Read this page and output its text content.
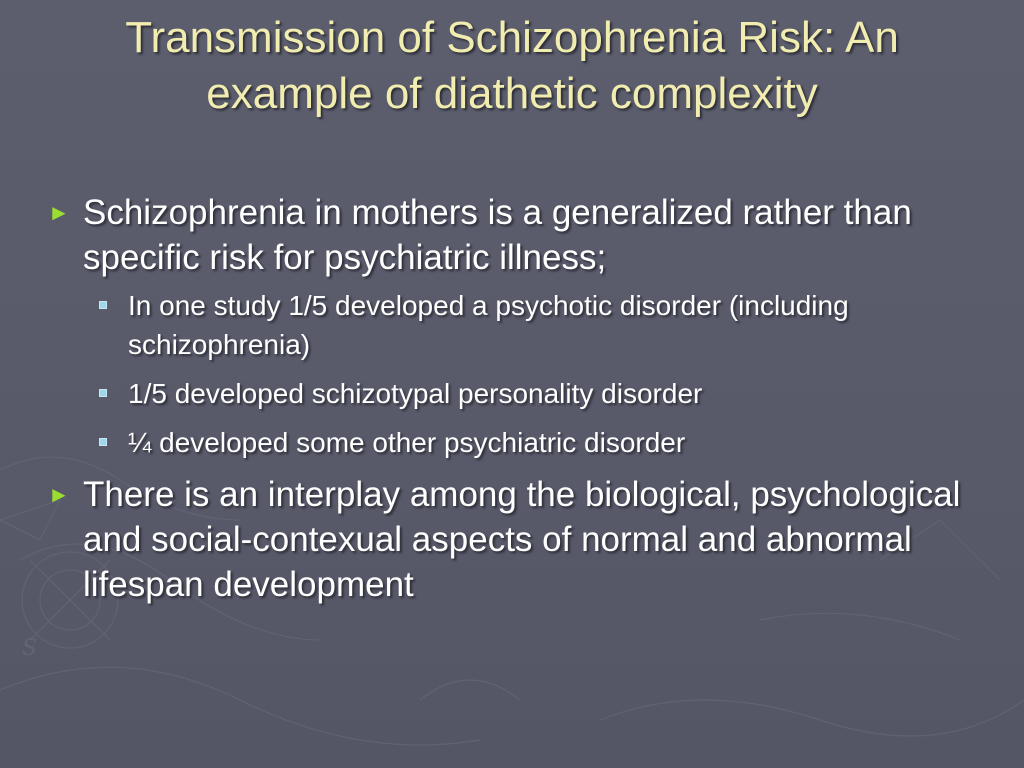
S
Transmission of Schizophrenia Risk: An
example of diathetic complexity
► Schizophrenia in mothers is a generalized rather than specific risk for psychiatric illness;
In one study 1/5 developed a psychotic disorder (including schizophrenia)
1/5 developed schizotypal personality disorder
¼ developed some other psychiatric disorder
► There is an interplay among the biological, psychological and social-contexual aspects of normal and abnormal lifespan development
